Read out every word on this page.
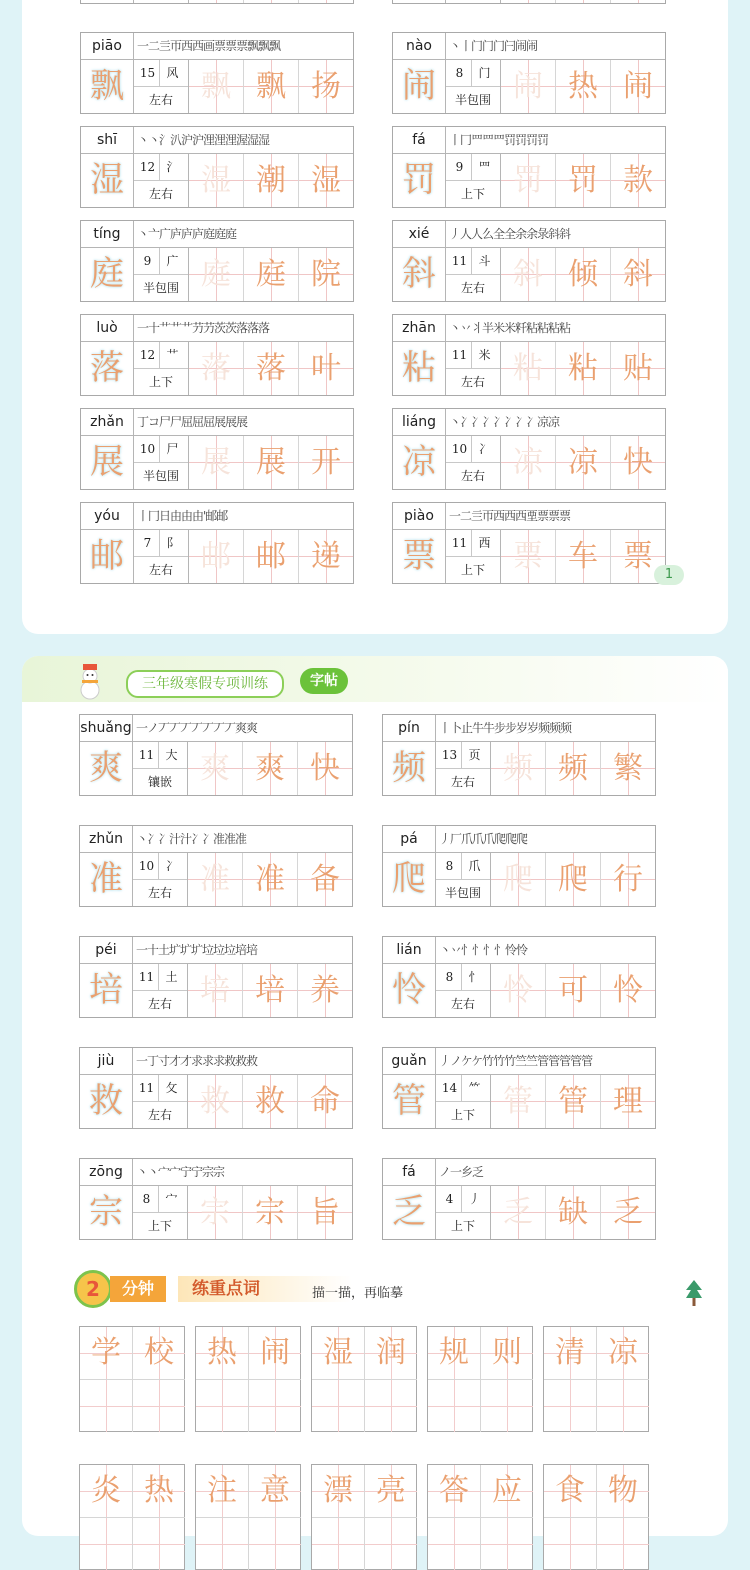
piāo	一二亖帀西西画票票票飘飘飘
飘	15 风
左右 飘 飘 扬
nào	丶丨门门门闩闹闹
闹	8 门
半包围 闹 热 闹
shī	丶丶氵汃沪沪浬浬浬渥湿湿
湿	12 氵
左右 湿 潮 湿
fá	丨冂罒罒罒罚罚罚罚
罚	9 罒
上下 罚 罚 款
tíng	丶亠广庐庐庐庭庭庭
庭	9 广
半包围 庭 庭 院
xié	丿人人么全全余余彔斜斜
斜	11 斗
左右 斜 倾 斜
luò	一十艹艹艹芀芀茨茨落落落
落	12 艹
上下 落 落 叶
zhān	丶丷丬半米米粁粘粘粘粘
粘	11 米
左右 粘 粘 贴
zhǎn	丁コ尸尸屈屈屈展展展
展	10 尸
半包围 展 展 开
liáng	丶冫冫冫冫冫冫冫凉凉
凉	10 冫
左右 凉 凉 快
yóu	丨冂日由由由'邮邮
邮	7 阝
左右 邮 邮 递
piào	一二亖帀西西西垔票票票
票	11 西
上下 票 车 票
1
三年级寒假专项训练	字帖
shuǎng 一ノ丆丆丆丆丆丆丆爽爽
爽	11 大
镶嵌 爽 爽 快
pín	丨卜止牛牛步步岁岁频频频
频	13 页
左右 频 频 繁
zhǔn	丶冫冫汁汁冫冫准准准
准	10 冫
左右 准 准 备
pá	丿厂爪爪爪爬爬爬
爬	8 爪
半包围 爬 爬 行
péi	一十土圹圹圹垃垃垃培培
培	11 土
左右 培 培 养
lián	丶丷忄忄忄忄怜怜
怜	8 忄
左右 怜 可 怜
jiù	一丁寸才才求求求救救救
救	11 攵
左右 救 救 命
guǎn	丿ノケケ竹竹竹竺竺管管管管管
管	14 ⺮
上下 管 管 理
zōng	丶丶宀宀宁宁宗宗
宗	8 宀
上下 宗 宗 旨
fá	ノ一乡乏
乏	4 丿
上下 乏 缺 乏
2	分钟	练重点词	描一描，再临摹
学 校	热 闹	湿 润	规 则	清 凉
炎 热	注 意	漂 亮	答 应	食 物
